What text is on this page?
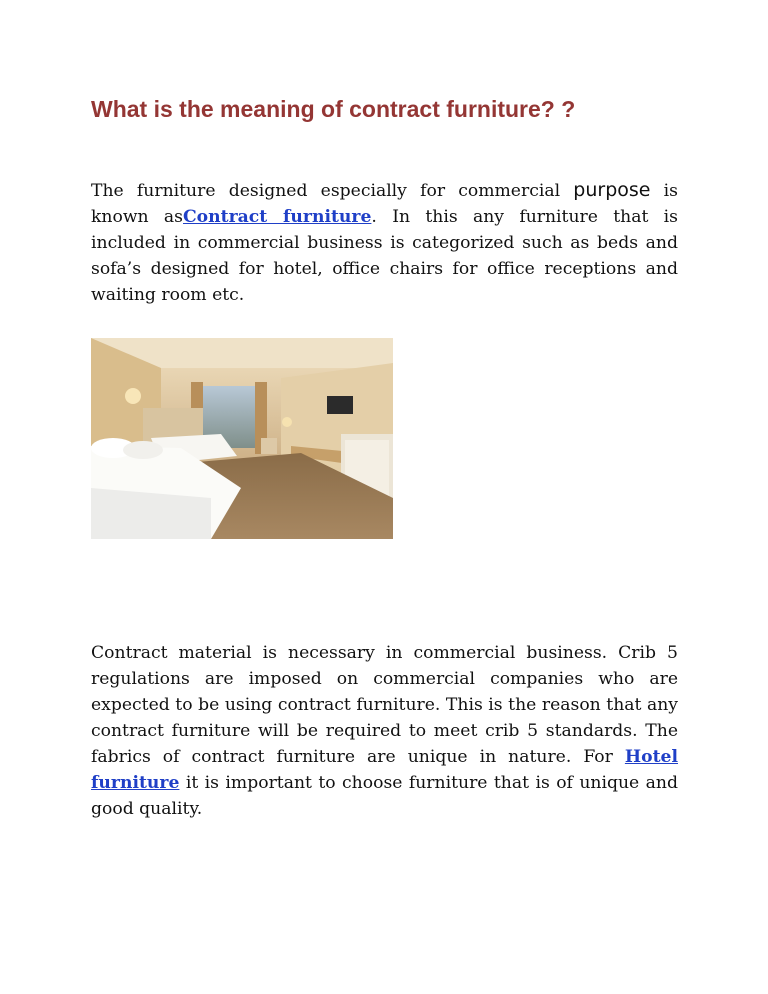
What is the meaning of contract furniture? ?

The furniture designed especially for commercial purpose is known asContract furniture. In this any furniture that is included in commercial business is categorized such as beds and sofa’s designed for hotel, office chairs for office receptions and waiting room etc.

Contract material is necessary in commercial business. Crib 5 regulations are imposed on commercial companies who are expected to be using contract furniture. This is the reason that any contract furniture will be required to meet crib 5 standards. The fabrics of contract furniture are unique in nature. For Hotel furniture it is important to choose furniture that is of unique and good quality.
